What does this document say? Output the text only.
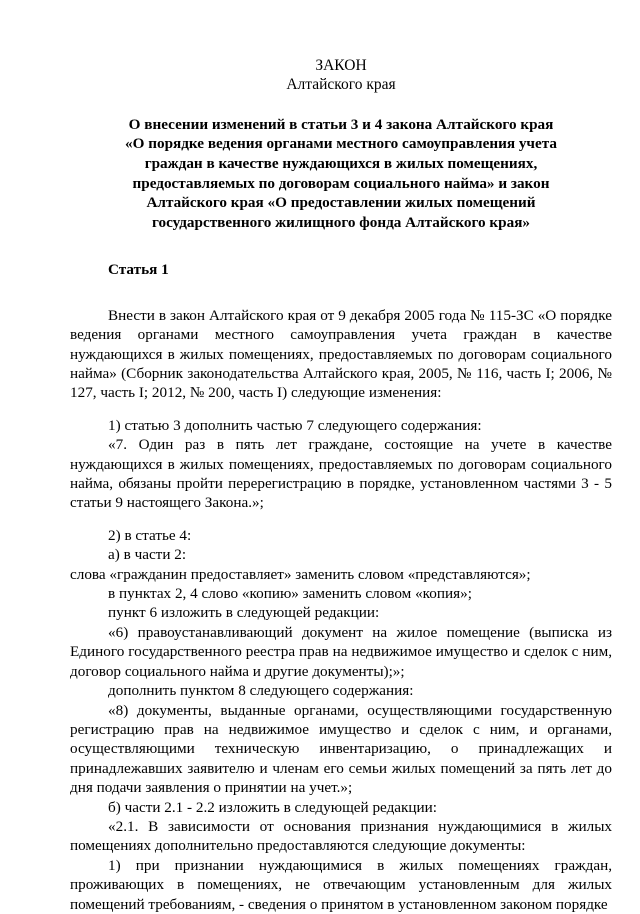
ЗАКОН
Алтайского края
О внесении изменений в статьи 3 и 4 закона Алтайского края
«О порядке ведения органами местного самоуправления учета
граждан в качестве нуждающихся в жилых помещениях,
предоставляемых по договорам социального найма» и закон
Алтайского края «О предоставлении жилых помещений
государственного жилищного фонда Алтайского края»
Статья 1

Внести в закон Алтайского края от 9 декабря 2005 года № 115-ЗС «О порядке ведения органами местного самоуправления учета граждан в качестве нуждающихся в жилых помещениях, предоставляемых по договорам социального найма» (Сборник законодательства Алтайского края, 2005, № 116, часть I; 2006, № 127, часть I; 2012, № 200, часть I) следующие изменения:

1) статью 3 дополнить частью 7 следующего содержания:

«7. Один раз в пять лет граждане, состоящие на учете в качестве нуждающихся в жилых помещениях, предоставляемых по договорам социального найма, обязаны пройти перерегистрацию в порядке, установленном частями 3 - 5 статьи 9 настоящего Закона.»;

2) в статье 4:

а) в части 2:

слова «гражданин предоставляет» заменить словом «представляются»;

в пунктах 2, 4 слово «копию» заменить словом «копия»;

пункт 6 изложить в следующей редакции:

«6) правоустанавливающий документ на жилое помещение (выписка из Единого государственного реестра прав на недвижимое имущество и сделок с ним, договор социального найма и другие документы);»;

дополнить пунктом 8 следующего содержания:

«8) документы, выданные органами, осуществляющими государственную регистрацию прав на недвижимое имущество и сделок с ним, и органами, осуществляющими техническую инвентаризацию, о принадлежащих и принадлежавших заявителю и членам его семьи жилых помещений за пять лет до дня подачи заявления о принятии на учет.»;

б) части 2.1 - 2.2 изложить в следующей редакции:

«2.1. В зависимости от основания признания нуждающимися в жилых помещениях дополнительно предоставляются следующие документы:

1) при признании нуждающимися в жилых помещениях граждан, проживающих в помещениях, не отвечающим установленным для жилых помещений требованиям, - сведения о принятом в установленном законом порядке
